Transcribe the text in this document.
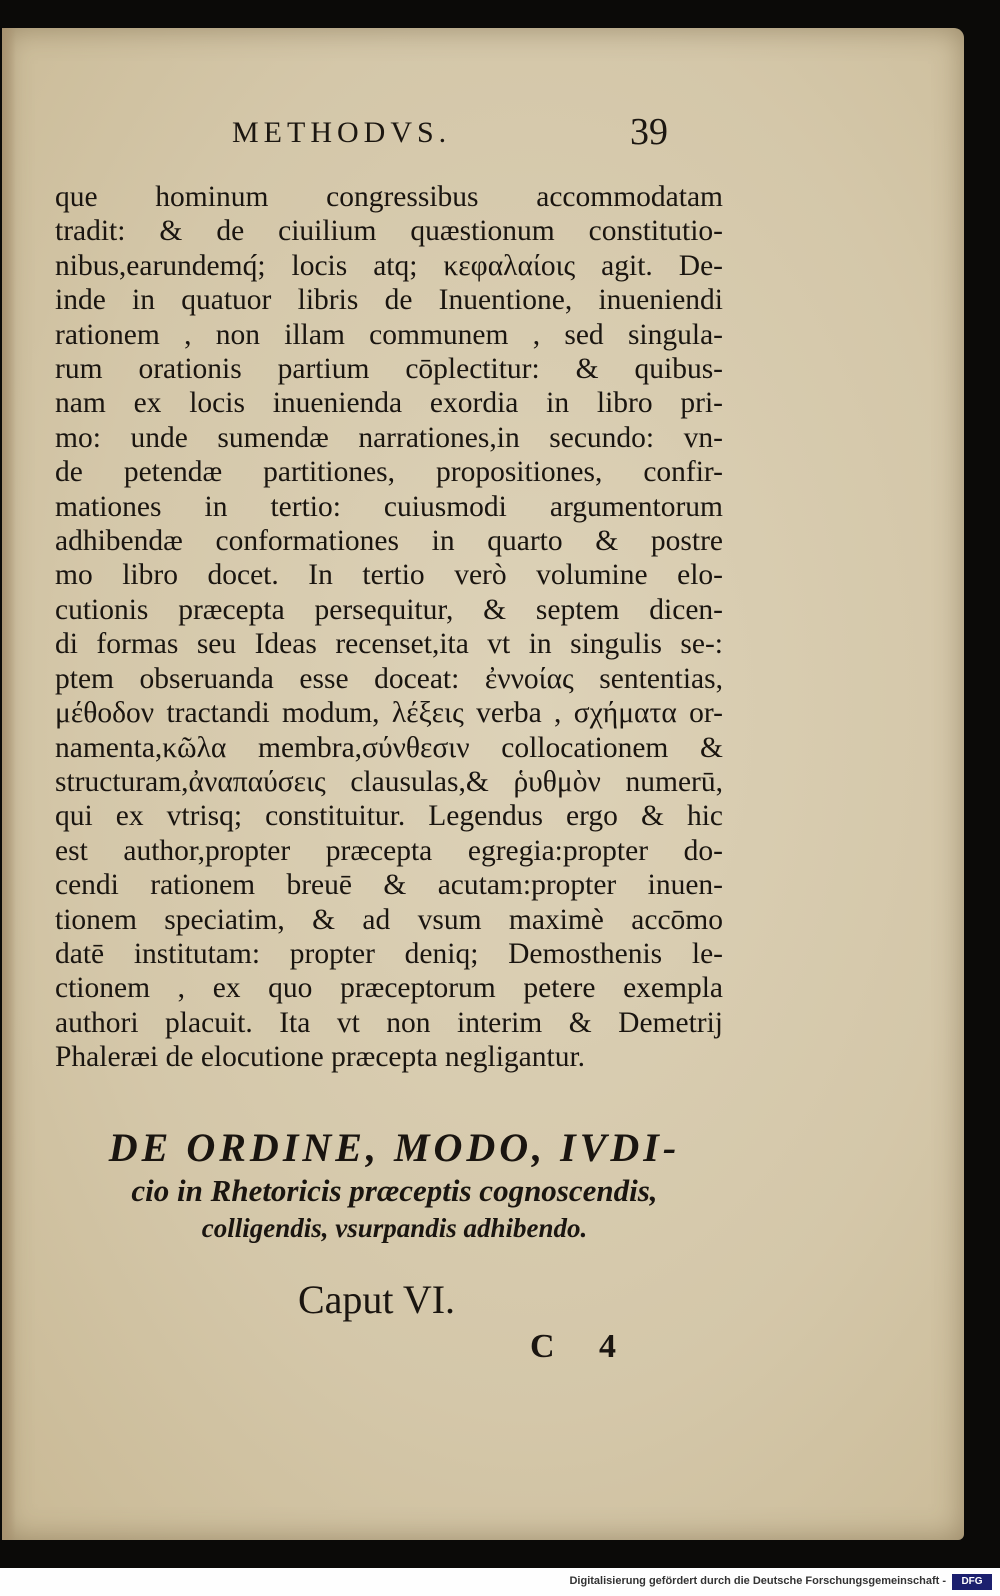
METHODVS.	39
que hominum congressibus accommodatam
tradit: & de ciuilium quæstionum constitutio-
nibus,earundemq́; locis atq; κεφαλαίοις agit. De-
inde in quatuor libris de Inuentione, inueniendi
rationem , non illam communem , sed singula-
rum orationis partium cōplectitur: & quibus-
nam ex locis inuenienda exordia in libro pri-
mo: unde sumendæ narrationes,in secundo: vn-
de petendæ partitiones, propositiones, confir-
mationes in tertio: cuiusmodi argumentorum
adhibendæ conformationes in quarto & postre
mo libro docet. In tertio verò volumine elo-
cutionis præcepta persequitur, & septem dicen-
di formas seu Ideas recenset,ita vt in singulis se-:
ptem obseruanda esse doceat: ἐννοίας sententias,
μέθοδον tractandi modum, λέξεις verba , σχήματα or-
namenta,κῶλα membra,σύνθεσιν collocationem &
structuram,ἀναπαύσεις clausulas,& ῥυθμὸν numerū,
qui ex vtrisq; constituitur. Legendus ergo & hic
est author,propter præcepta egregia:propter do-
cendi rationem breuē & acutam:propter inuen-
tionem speciatim, & ad vsum maximè accōmo
datē institutam: propter deniq; Demosthenis le-
ctionem , ex quo præceptorum petere exempla
authori placuit. Ita vt non interim & Demetrij
Phaleræi de elocutione præcepta negligantur.
DE ORDINE, MODO, IVDI-
cio in Rhetoricis præceptis cognoscendis,
colligendis, vsurpandis adhibendo.
Caput VI.
C 4
Digitalisierung gefördert durch die Deutsche Forschungsgemeinschaft -	DFG
